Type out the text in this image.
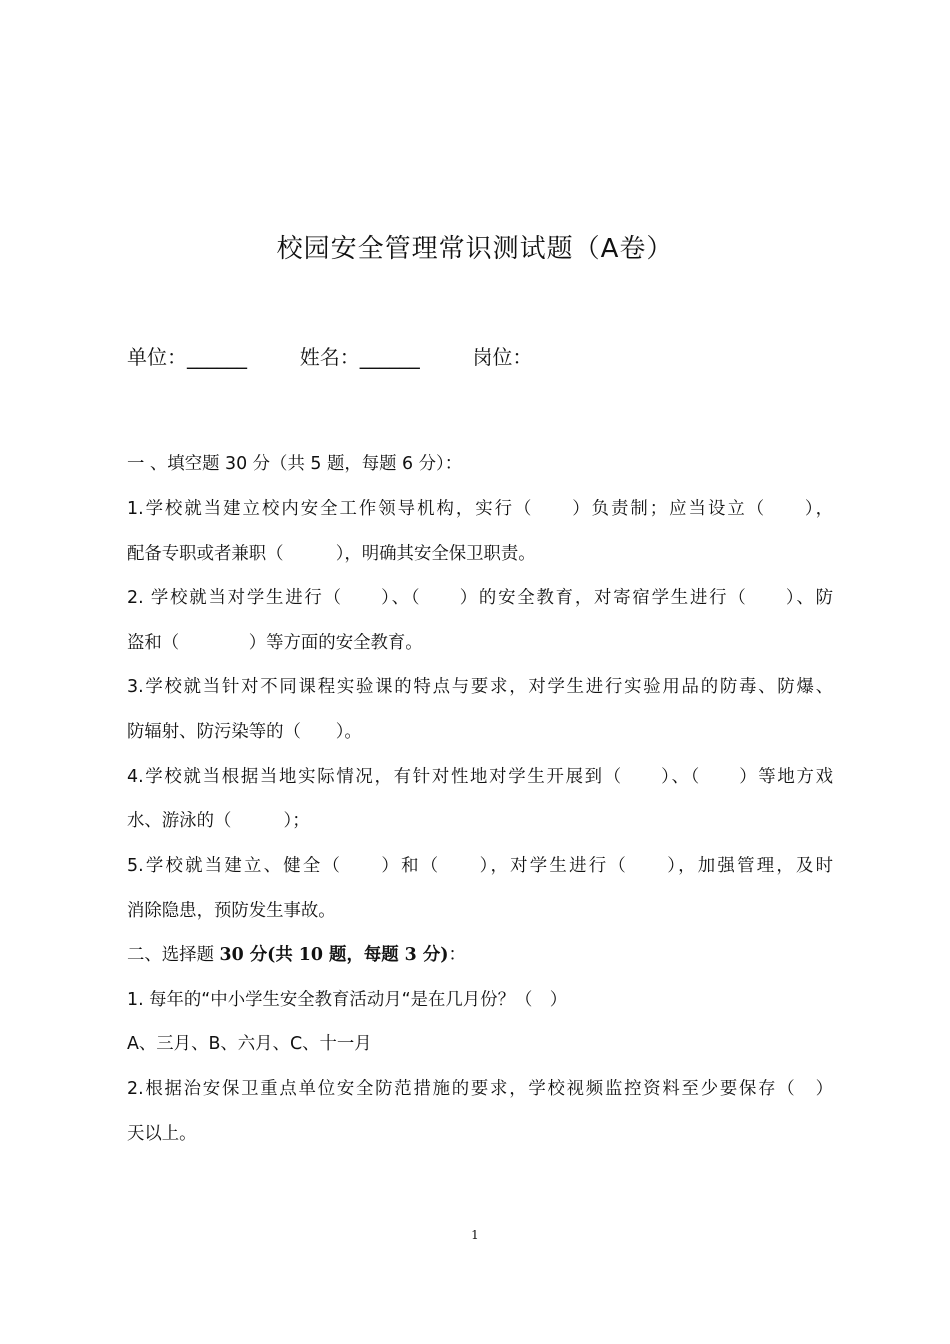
校园安全管理常识测试题（A卷）
单位：______	姓名：______	岗位：
一 、填空题 30 分（共 5 题，每题 6 分）：
1.学校就当建立校内安全工作领导机构，实行（　　）负责制；应当设立（　　），
配备专职或者兼职（　　　），明确其安全保卫职责。
2. 学校就当对学生进行（　　）、（　　）的安全教育，对寄宿学生进行（　　）、防
盗和（　　　　）等方面的安全教育。
3.学校就当针对不同课程实验课的特点与要求，对学生进行实验用品的防毒、防爆、
防辐射、防污染等的（　　）。
4.学校就当根据当地实际情况，有针对性地对学生开展到（　　）、（　　）等地方戏
水、游泳的（　　　）；
5.学校就当建立、健全（　　）和（　　），对学生进行（　　），加强管理，及时
消除隐患，预防发生事故。
二、选择题 30 分(共 10 题，每题 3 分)：
1. 每年的“中小学生安全教育活动月“是在几月份？（　）
A、三月、B、六月、C、十一月
2.根据治安保卫重点单位安全防范措施的要求，学校视频监控资料至少要保存（　）
天以上。
1
